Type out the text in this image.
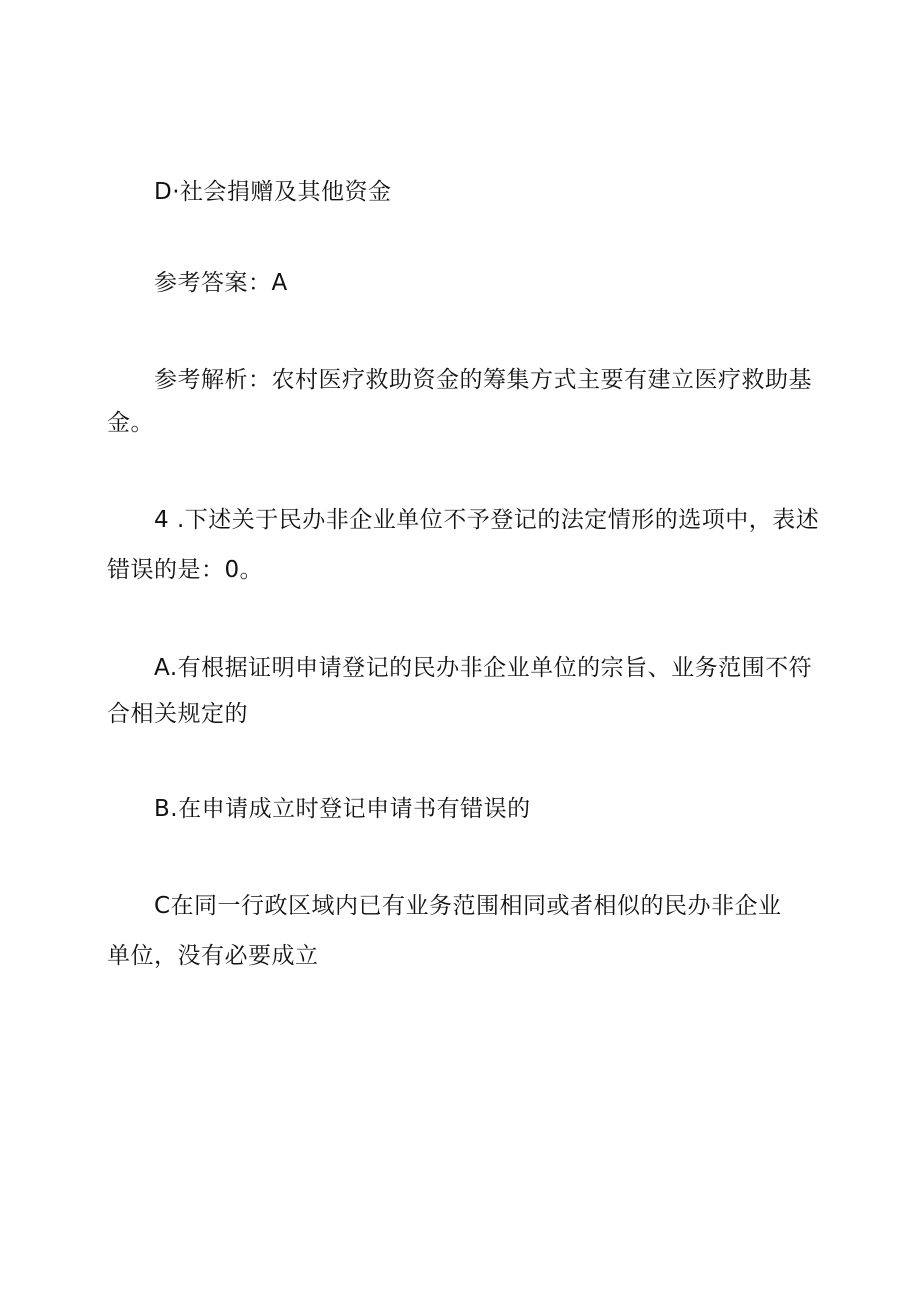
D·社会捐赠及其他资金
参考答案：A
参考解析：农村医疗救助资金的筹集方式主要有建立医疗救助基
金。
4 .下述关于民办非企业单位不予登记的法定情形的选项中，表述
错误的是：0。
A.有根据证明申请登记的民办非企业单位的宗旨、业务范围不符
合相关规定的
B.在申请成立时登记申请书有错误的
C在同一行政区域内已有业务范围相同或者相似的民办非企业
单位，没有必要成立
